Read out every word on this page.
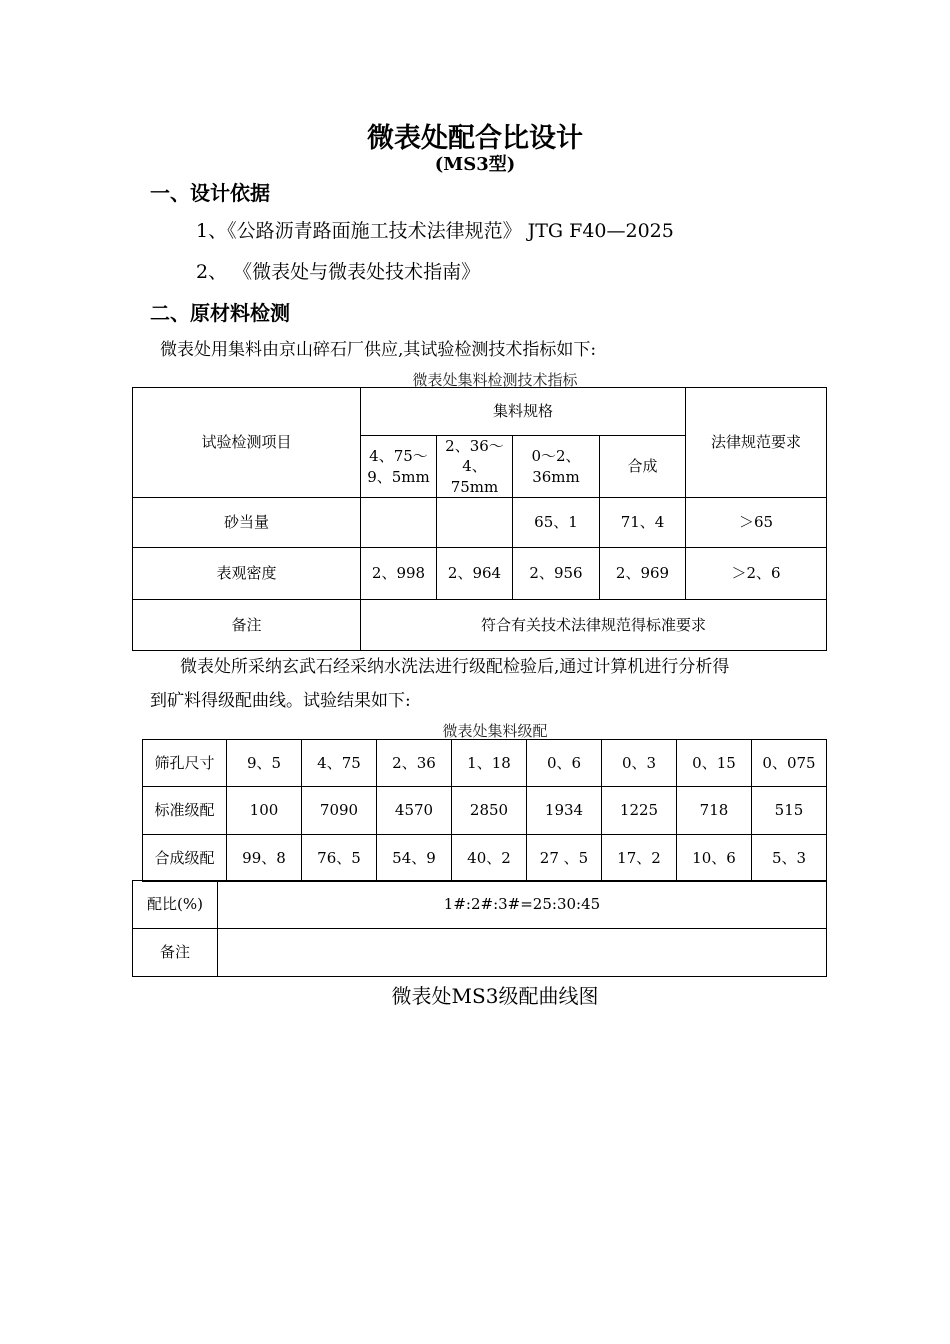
微表处配合比设计
(MS3型)
一、设计依据
1、《公路沥青路面施工技术法律规范》 JTG F40—2025
2、 《微表处与微表处技术指南》
二、原材料检测
微表处用集料由京山碎石厂供应,其试验检测技术指标如下:
微表处集料检测技术指标
试验检测项目	集料规格				法律规范要求
	4、75～9、5mm	2、36～4、75mm	0～2、36mm	合成	
砂当量			65、1	71、4	＞65
表观密度	2、998	2、964	2、956	2、969	＞2、6
备注	符合有关技术法律规范得标准要求				
微表处所采纳玄武石经采纳水洗法进行级配检验后,通过计算机进行分析得
到矿料得级配曲线。试验结果如下:
微表处集料级配
筛孔尺寸	9、5	4、75	2、36	1、18	0、6	0、3	0、15	0、075
标准级配	100	7090	4570	2850	1934	1225	718	515
合成级配	99、8	76、5	54、9	40、2	27 、5	17、2	10、6	5、3
配比(%)	1#:2#:3#=25:30:45
备注	
微表处MS3级配曲线图
